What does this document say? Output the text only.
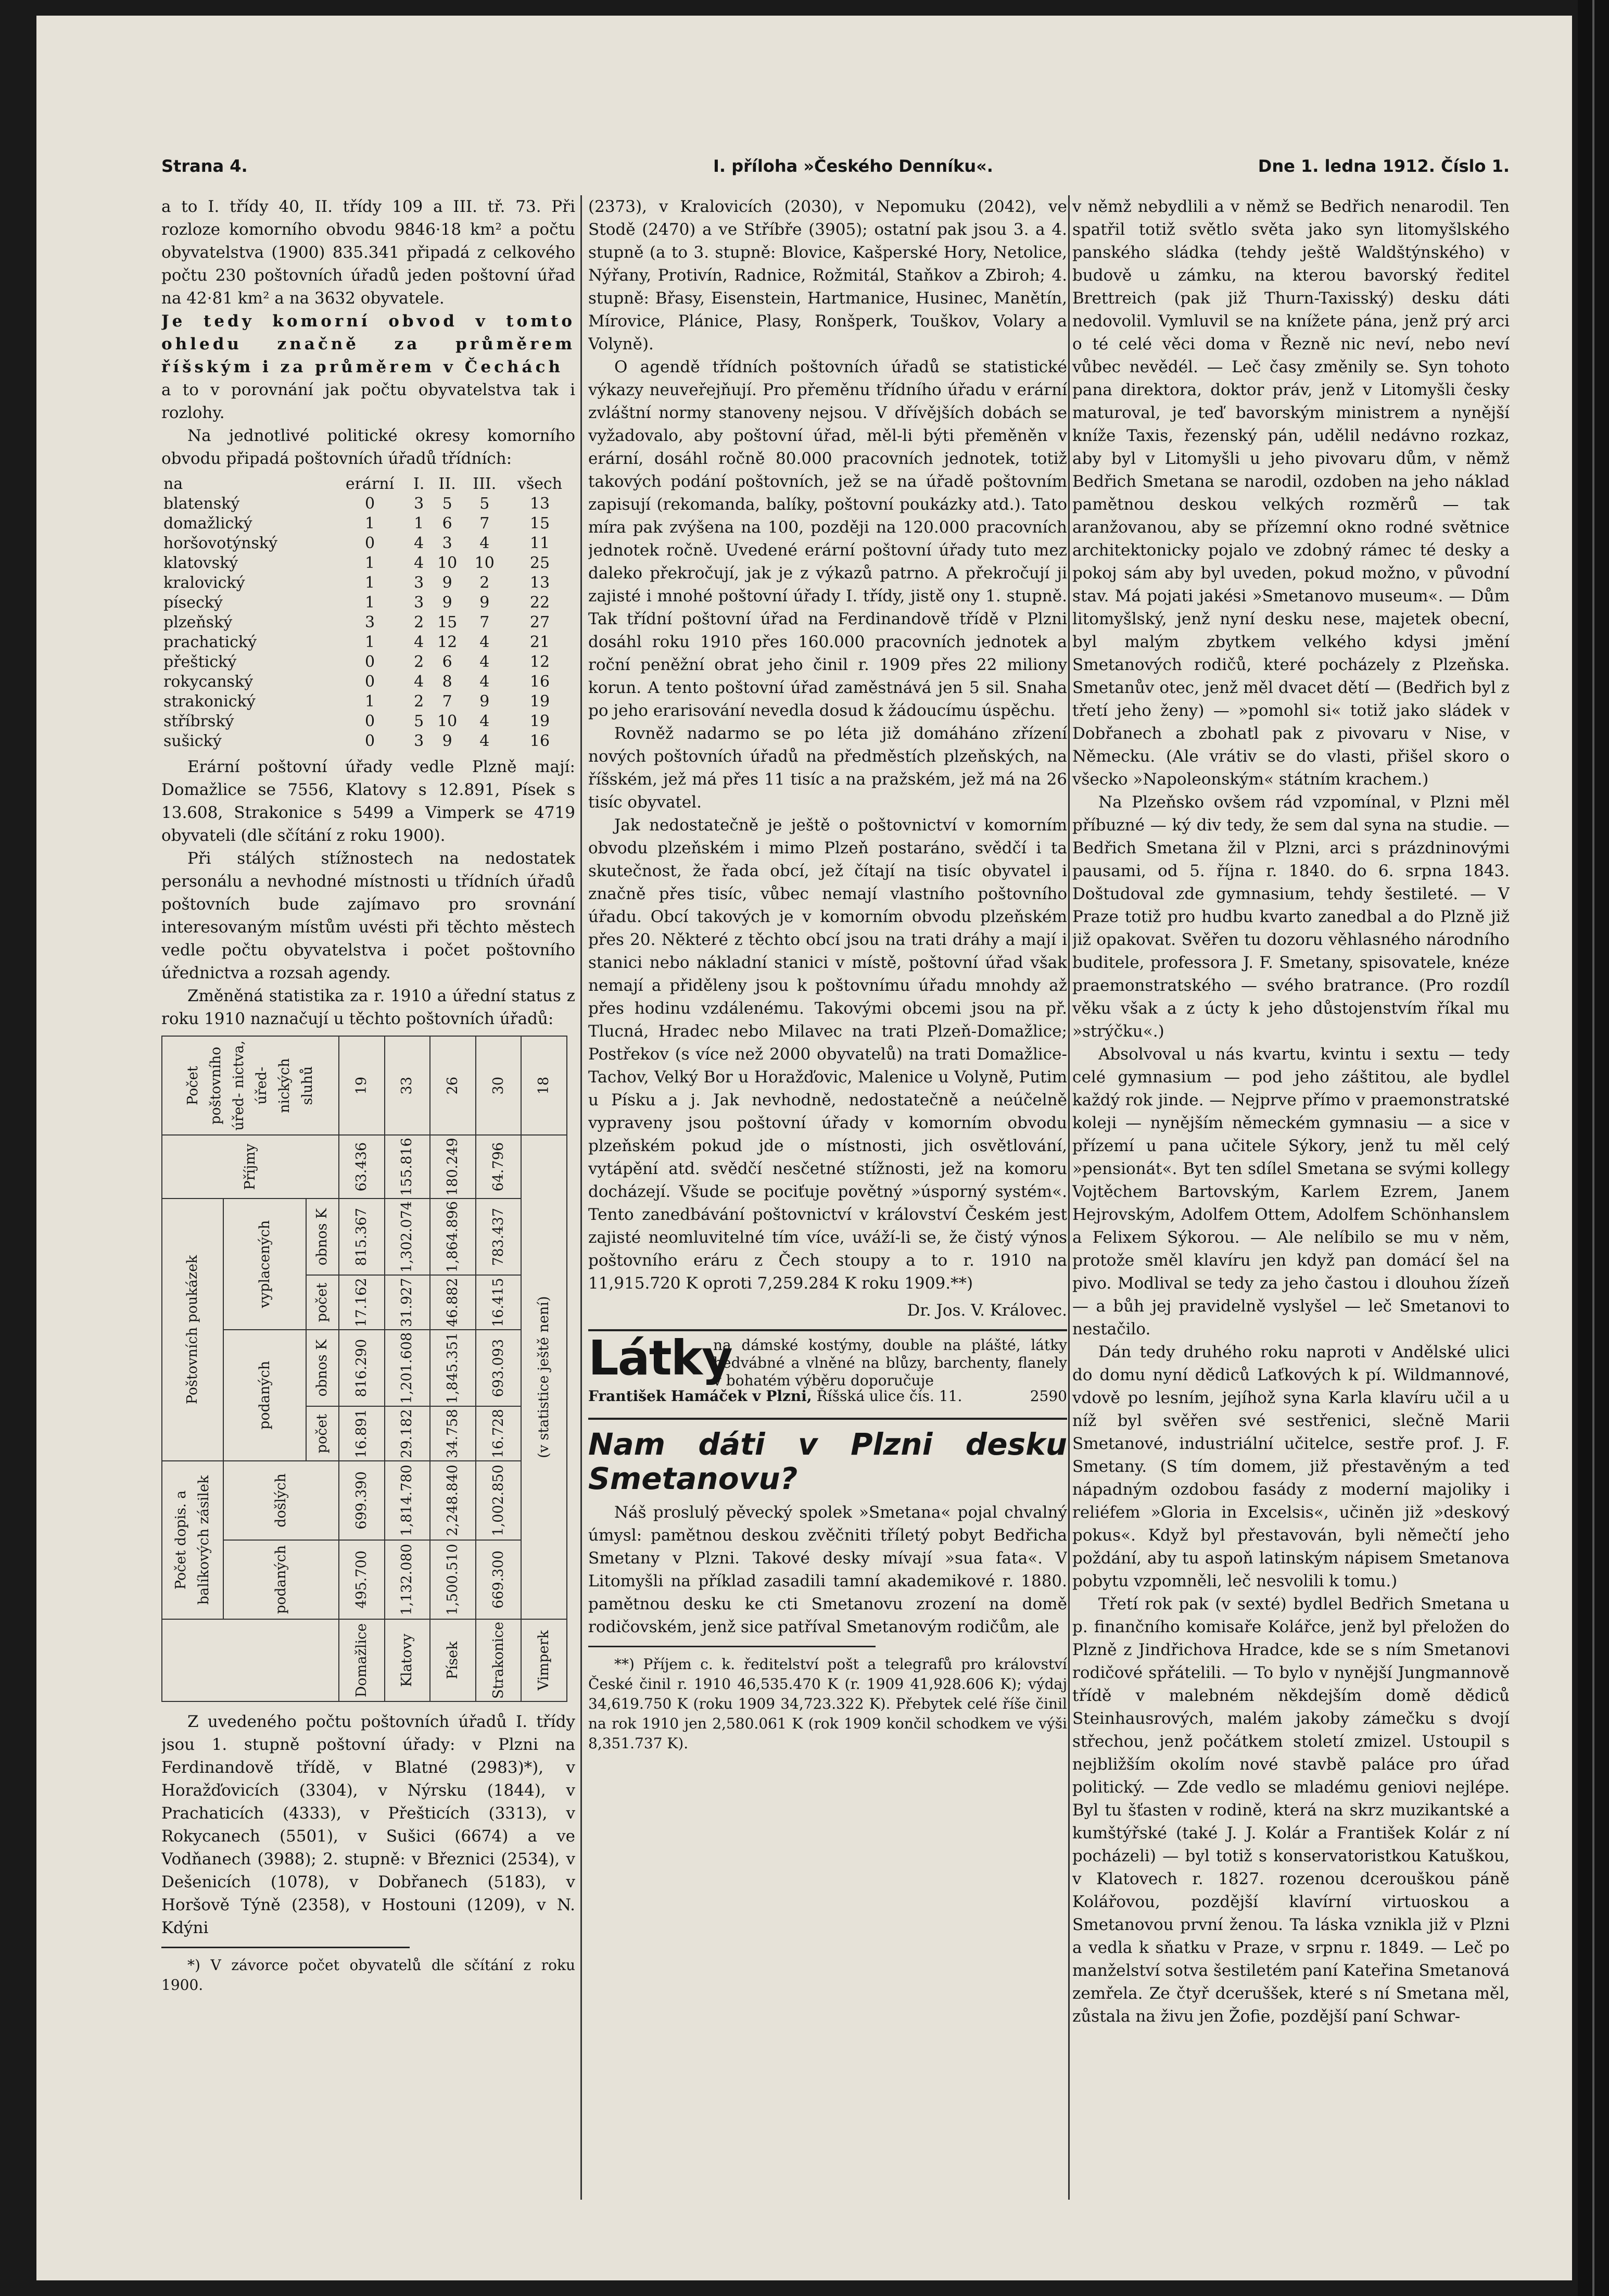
Strana 4.	I. příloha »Českého Denníku«.	Dne 1. ledna 1912. Číslo 1.

a to I. třídy 40, II. třídy 109 a III. tř. 73. Při rozloze komorního obvodu 9846·18 km² a počtu obyvatelstva (1900) 835.341 připadá z celkového počtu 230 poštovních úřadů jeden poštovní úřad na 42·81 km² a na 3632 obyvatele.

Je tedy komorní obvod v tomto ohledu značně za průměrem říšským i za průměrem v Čechách

a to v porovnání jak počtu obyvatelstva tak i rozlohy.

Na jednotlivé politické okresy komorního obvodu připadá poštovních úřadů třídních:

na	erární	I.	II.	III.	všech
blatenský	0	3	5	5	13
domažlický	1	1	6	7	15
horšovotýnský	0	4	3	4	11
klatovský	1	4	10	10	25
kralovický	1	3	9	2	13
písecký	1	3	9	9	22
plzeňský	3	2	15	7	27
prachatický	1	4	12	4	21
přeštický	0	2	6	4	12
rokycanský	0	4	8	4	16
strakonický	1	2	7	9	19
stříbrský	0	5	10	4	19
sušický	0	3	9	4	16

Erární poštovní úřady vedle Plzně mají: Domažlice se 7556, Klatovy s 12.891, Písek s 13.608, Strakonice s 5499 a Vimperk se 4719 obyvateli (dle sčítání z roku 1900).

Při stálých stížnostech na nedostatek personálu a nevhodné místnosti u třídních úřadů poštovních bude zajímavo pro srovnání interesovaným místům uvésti při těchto městech vedle počtu obyvatelstva i počet poštovního úřednictva a rozsah agendy.

Změněná statistika za r. 1910 a úřední status z roku 1910 naznačují u těchto poštovních úřadů:

	Počet dopis. a balíkových zásilek		Poštovních poukázek				Příjmy	Počet poštovního úřed- nictva, úřed- nických sluhů
	podaných	došlých	podaných		vyplacených			
			počet	obnos K	počet	obnos K		
Domažlice	495.700	699.390	16.891	816.290	17.162	815.367	63.436	19
Klatovy	1,132.080	1,814.780	29.182	1,201.608	31.927	1,302.074	155.816	33
Písek	1,500.510	2,248.840	34.758	1,845.351	46.882	1,864.896	180.249	26
Strakonice	669.300	1,002.850	16.728	693.093	16.415	783.437	64.796	30
Vimperk	(v statistice ještě není)							18

Z uvedeného počtu poštovních úřadů I. třídy jsou 1. stupně poštovní úřady: v Plzni na Ferdinandově třídě, v Blatné (2983)*), v Horažďovicích (3304), v Nýrsku (1844), v Prachaticích (4333), v Přešticích (3313), v Rokycanech (5501), v Sušici (6674) a ve Vodňanech (3988); 2. stupně: v Březnici (2534), v Dešenicích (1078), v Dobřanech (5183), v Horšově Týně (2358), v Hostouni (1209), v N. Kdýni

*) V závorce počet obyvatelů dle sčítání z roku 1900.

(2373), v Kralovicích (2030), v Nepomuku (2042), ve Stodě (2470) a ve Stříbře (3905); ostatní pak jsou 3. a 4. stupně (a to 3. stupně: Blovice, Kašperské Hory, Netolice, Nýřany, Protivín, Radnice, Rožmitál, Staňkov a Zbiroh; 4. stupně: Břasy, Eisenstein, Hartmanice, Husinec, Manětín, Mírovice, Plánice, Plasy, Ronšperk, Touškov, Volary a Volyně).

O agendě třídních poštovních úřadů se statistické výkazy neuveřejňují. Pro přeměnu třídního úřadu v erární zvláštní normy stanoveny nejsou. V dřívějších dobách se vyžadovalo, aby poštovní úřad, měl-li býti přeměněn v erární, dosáhl ročně 80.000 pracovních jednotek, totiž takových podání poštovních, jež se na úřadě poštovním zapisují (rekomanda, balíky, poštovní poukázky atd.). Tato míra pak zvýšena na 100, později na 120.000 pracovních jednotek ročně. Uvedené erární poštovní úřady tuto mez daleko překročují, jak je z výkazů patrno. A překročují ji zajisté i mnohé poštovní úřady I. třídy, jistě ony 1. stupně. Tak třídní poštovní úřad na Ferdinandově třídě v Plzni dosáhl roku 1910 přes 160.000 pracovních jednotek a roční peněžní obrat jeho činil r. 1909 přes 22 miliony korun. A tento poštovní úřad zaměstnává jen 5 sil. Snaha po jeho erarisování nevedla dosud k žádoucímu úspěchu.

Rovněž nadarmo se po léta již domáháno zřízení nových poštovních úřadů na předměstích plzeňských, na říšském, jež má přes 11 tisíc a na pražském, jež má na 26 tisíc obyvatel.

Jak nedostatečně je ještě o poštovnictví v komorním obvodu plzeňském i mimo Plzeň postaráno, svědčí i ta skutečnost, že řada obcí, jež čítají na tisíc obyvatel i značně přes tisíc, vůbec nemají vlastního poštovního úřadu. Obcí takových je v komorním obvodu plzeňském přes 20. Některé z těchto obcí jsou na trati dráhy a mají i stanici nebo nákladní stanici v místě, poštovní úřad však nemají a přiděleny jsou k poštovnímu úřadu mnohdy až přes hodinu vzdálenému. Takovými obcemi jsou na př. Tlucná, Hradec nebo Milavec na trati Plzeň-Domažlice; Postřekov (s více než 2000 obyvatelů) na trati Domažlice-Tachov, Velký Bor u Horažďovic, Malenice u Volyně, Putim u Písku a j. Jak nevhodně, nedostatečně a neúčelně vypraveny jsou poštovní úřady v komorním obvodu plzeňském pokud jde o místnosti, jich osvětlování, vytápění atd. svědčí nesčetné stížnosti, jež na komoru docházejí. Všude se pociťuje povětný »úsporný systém«. Tento zanedbávání poštovnictví v království Českém jest zajisté neomluvitelné tím více, uváží-li se, že čistý výnos poštovního eráru z Čech stoupy a to r. 1910 na 11,915.720 K oproti 7,259.284 K roku 1909.**)

Dr. Jos. V. Královec.

Látky
na dámské kostýmy, double na plášté, látky hedvábné a vlněné na blůzy, barchenty, flanely v bohatém výběru doporučuje
František Hamáček v Plzni, Říšská ulice čís. 11.	2590
Nam dáti v Plzni desku Smetanovu?

Náš proslulý pěvecký spolek »Smetana« pojal chvalný úmysl: pamětnou deskou zvěčniti tříletý pobyt Bedřicha Smetany v Plzni. Takové desky mívají »sua fata«. V Litomyšli na příklad zasadili tamní akademikové r. 1880. pamětnou desku ke cti Smetanovu zrození na domě rodičovském, jenž sice patříval Smetanovým rodičům, ale

**) Příjem c. k. ředitelství pošt a telegrafů pro království České činil r. 1910 46,535.470 K (r. 1909 41,928.606 K); výdaj 34,619.750 K (roku 1909 34,723.322 K). Přebytek celé říše činil na rok 1910 jen 2,580.061 K (rok 1909 končil schodkem ve výši 8,351.737 K).

v němž nebydlili a v němž se Bedřich nenarodil. Ten spatřil totiž světlo světa jako syn litomyšlského panského sládka (tehdy ještě Waldštýnského) v budově u zámku, na kterou bavorský ředitel Brettreich (pak již Thurn-Taxisský) desku dáti nedovolil. Vymluvil se na knížete pána, jenž prý arci o té celé věci doma v Řezně nic neví, nebo neví vůbec nevědél. — Leč časy změnily se. Syn tohoto pana direktora, doktor práv, jenž v Litomyšli česky maturoval, je teď bavorským ministrem a nynější kníže Taxis, řezenský pán, udělil nedávno rozkaz, aby byl v Litomyšli u jeho pivovaru dům, v němž Bedřich Smetana se narodil, ozdoben na jeho náklad pamětnou deskou velkých rozměrů — tak aranžovanou, aby se přízemní okno rodné světnice architektonicky pojalo ve zdobný rámec té desky a pokoj sám aby byl uveden, pokud možno, v původní stav. Má pojati jakési »Smetanovo museum«. — Dům litomyšlský, jenž nyní desku nese, majetek obecní, byl malým zbytkem velkého kdysi jmění Smetanových rodičů, které pocházely z Plzeňska. Smetanův otec, jenž měl dvacet dětí — (Bedřich byl z třetí jeho ženy) — »pomohl si« totiž jako sládek v Dobřanech a zbohatl pak z pivovaru v Nise, v Německu. (Ale vrátiv se do vlasti, přišel skoro o všecko »Napoleonským« státním krachem.)

Na Plzeňsko ovšem rád vzpomínal, v Plzni měl příbuzné — ký div tedy, že sem dal syna na studie. — Bedřich Smetana žil v Plzni, arci s prázdninovými pausami, od 5. října r. 1840. do 6. srpna 1843. Doštudoval zde gymnasium, tehdy šestileté. — V Praze totiž pro hudbu kvarto zanedbal a do Plzně již již opakovat. Svěřen tu dozoru věhlasného národního buditele, professora J. F. Smetany, spisovatele, knéze praemonstratského — svého bratrance. (Pro rozdíl věku však a z úcty k jeho důstojenstvím říkal mu »strýčku«.)

Absolvoval u nás kvartu, kvintu i sextu — tedy celé gymnasium — pod jeho záštitou, ale bydlel každý rok jinde. — Nejprve přímo v praemonstratské koleji — nynějším německém gymnasiu — a sice v přízemí u pana učitele Sýkory, jenž tu měl celý »pensionát«. Byt ten sdílel Smetana se svými kollegy Vojtěchem Bartovským, Karlem Ezrem, Janem Hejrovským, Adolfem Ottem, Adolfem Schönhanslem a Felixem Sýkorou. — Ale nelíbilo se mu v něm, protože směl klavíru jen když pan domácí šel na pivo. Modlival se tedy za jeho častou i dlouhou žízeň — a bůh jej pravidelně vyslyšel — leč Smetanovi to nestačilo.

Dán tedy druhého roku naproti v Andělské ulici do domu nyní dědiců Laťkových k pí. Wildmannové, vdově po lesním, jejíhož syna Karla klavíru učil a u níž byl svěřen své sestřenici, slečně Marii Smetanové, industriální učitelce, sestře prof. J. F. Smetany. (S tím domem, již přestavěným a teď nápadným ozdobou fasády z moderní majoliky i reliéfem »Gloria in Excelsis«, učiněn již »deskový pokus«. Když byl přestavován, byli němečtí jeho poždání, aby tu aspoň latinským nápisem Smetanova pobytu vzpomněli, leč nesvolili k tomu.)

Třetí rok pak (v sexté) bydlel Bedřich Smetana u p. finančního komisaře Kolářce, jenž byl přeložen do Plzně z Jindřichova Hradce, kde se s ním Smetanovi rodičové spřátelili. — To bylo v nynější Jungmannově třídě v malebném někdejším domě dědiců Steinhausrových, malém jakoby zámečku s dvojí střechou, jenž počátkem století zmizel. Ustoupil s nejbližším okolím nové stavbě paláce pro úřad politický. — Zde vedlo se mladému geniovi nejlépe. Byl tu šťasten v rodině, která na skrz muzikantské a kumštýřské (také J. J. Kolár a František Kolár z ní pocházeli) — byl totiž s konservatoristkou Katuškou, v Klatovech r. 1827. rozenou dcerouškou páně Kolářovou, pozdější klavírní virtuoskou a Smetanovou první ženou. Ta láska vznikla již v Plzni a vedla k sňatku v Praze, v srpnu r. 1849. — Leč po manželství sotva šestiletém paní Kateřina Smetanová zemřela. Ze čtyř dceruššek, které s ní Smetana měl, zůstala na živu jen Žofie, pozdější paní Schwar-
